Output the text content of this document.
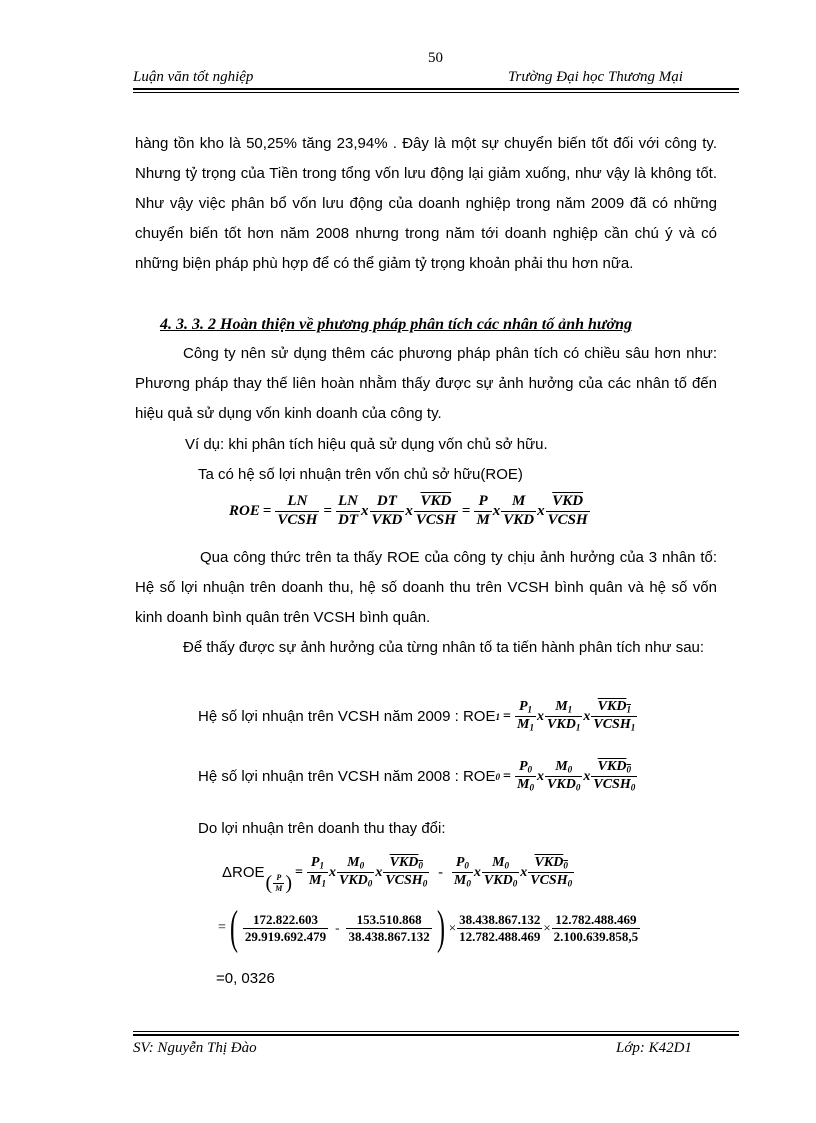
50
Luận văn tốt nghiệp	Trường Đại học Thương Mại
hàng tồn kho là 50,25% tăng 23,94% . Đây là một sự chuyển biến tốt đối với công ty. Nhưng tỷ trọng của Tiền trong tổng vốn lưu động lại giảm xuống, như vậy là không tốt. Như vậy việc phân bổ vốn lưu động của doanh nghiệp trong năm 2009 đã có những chuyển biến tốt hơn năm 2008 nhưng trong năm tới doanh nghiệp cần chú ý và có những biện pháp phù hợp để có thể giảm tỷ trọng khoản phải thu hơn nữa.
4. 3. 3. 2 Hoàn thiện về phương pháp phân tích các nhân tố ảnh hưởng
Công ty nên sử dụng thêm các phương pháp phân tích có chiều sâu hơn như: Phương pháp thay thế liên hoàn nhằm thấy được sự ảnh hưởng của các nhân tố đến hiệu quả sử dụng vốn kinh doanh của công ty.
Ví dụ: khi phân tích hiệu quả sử dụng vốn chủ sở hữu.
Ta có hệ số lợi nhuận trên vốn chủ sở hữu(ROE)
ROE = $\frac{LN}{\text{VCSH}} = \frac{LN}{DT}$ x $\frac{DT}{\text{VKD}}$ x $\frac{\overline{VKD}}{\text{VCSH}} = \frac{P}{M}$ x $\frac{M}{\text{VKD}}$ x $\frac{\overline{VKD}}{\text{VCSH}}$
Qua công thức trên ta thấy ROE của công ty chịu ảnh hưởng của 3 nhân tố: Hệ số lợi nhuận trên doanh thu, hệ số doanh thu trên VCSH bình quân và hệ số vốn kinh doanh bình quân trên VCSH bình quân.
Để thấy được sự ảnh hưởng của từng nhân tố ta tiến hành phân tích như sau:
Hệ số lợi nhuận trên VCSH năm 2009 : ROE $1 = \frac{P_1}{M_1}$ x $\frac{M_1}{VKD_1}$ x $\frac{VKD_1}{VCSH_1}$
Hệ số lợi nhuận trên VCSH năm 2008 : ROE $0 = \frac{P_0}{M_0}$ x $\frac{M_0}{VKD_0}$ x $\frac{VKD_0}{VCSH_0}$
Do lợi nhuận trên doanh thu thay đổi:
ΔROE ( $\frac{P}{M}$ ) = $\frac{P_1}{M_1}$ x $\frac{M_0}{VKD_0}$ x $\frac{VKD_0}{VCSH_0} - \frac{P_0}{M_0}$ x $\frac{M_0}{VKD_0}$ x $\frac{VKD_0}{VCSH_0}$
= ( $\frac{172.822.603}{29.919.692.479} - \frac{153.510.868}{38.438.867.132}$ ) × $\frac{38.438.867.132}{12.782.488.469} \times \frac{12.782.488.469}{2.100.639.858,5}$
=0, 0326
SV: Nguyễn Thị Đào	Lớp: K42D1
